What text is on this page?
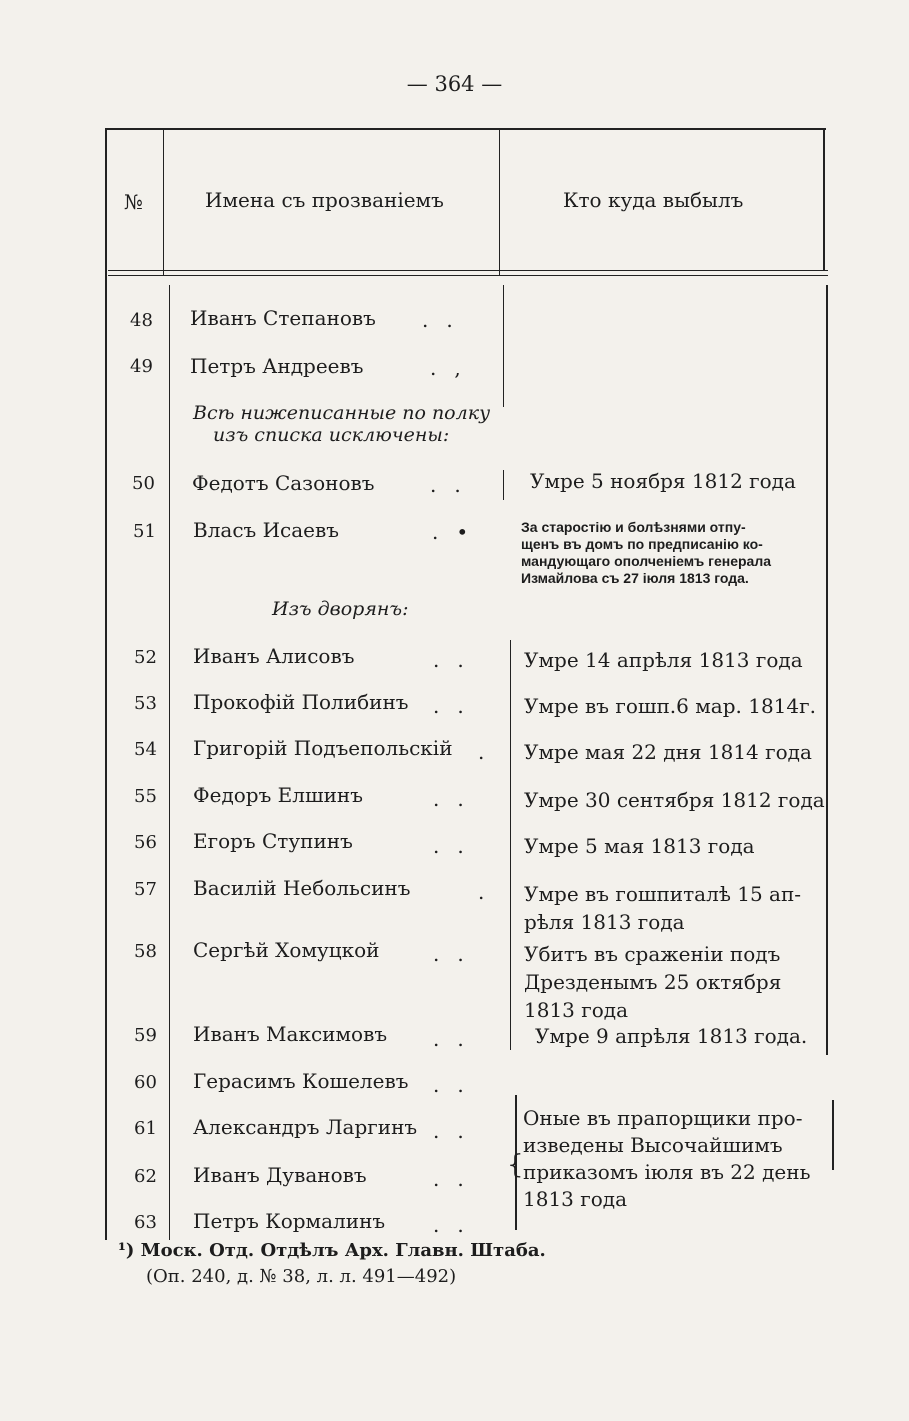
— 364 —
№	Имена съ прозваніемъ	Кто куда выбылъ
48 Иванъ Степановъ ..
49 Петръ Андреевъ	.,
Всѣ нижеписанные по полку
изъ списка исключены:
50 Федотъ Сазоновъ	..	Умре 5 ноября 1812 года
51 Власъ Исаевъ	.• За старостію и болѣзнями отпу-
щенъ въ домъ по предписанію ко-
мандующаго ополченіемъ генерала
Измайлова съ 27 іюля 1813 года.
Изъ дворянъ:
52 Иванъ Алисовъ	.. Умре 14 апрѣля 1813 года
53 Прокофій Полибинъ .. Умре въ гошп.6 мар. 1814г.
54 Григорій Подъепольскій . Умре мая 22 дня 1814 года
55 Федоръ Елшинъ	.. Умре 30 сентября 1812 года
56 Егоръ Ступинъ	.. Умре 5 мая 1813 года
57 Василій Небольсинъ	. Умре въ гошпиталѣ 15 ап-
рѣля 1813 года
58 Сергѣй Хомуцкой	.. Убитъ въ сраженіи подъ
Дрезденымъ 25 октября
1813 года
59 Иванъ Максимовъ ..	Умре 9 апрѣля 1813 года.
60 Герасимъ Кошелевъ ..
61 Александръ Ларгинъ ..
62 Иванъ Дувановъ	..
63 Петръ Кормалинъ ..
{
Оные въ прапорщики про-
изведены Высочайшимъ
приказомъ іюля въ 22 день
1813 года
¹) Моск. Отд. Отдѣлъ Арх. Главн. Штаба.
(Оп. 240, д. № 38, л. л. 491—492)
